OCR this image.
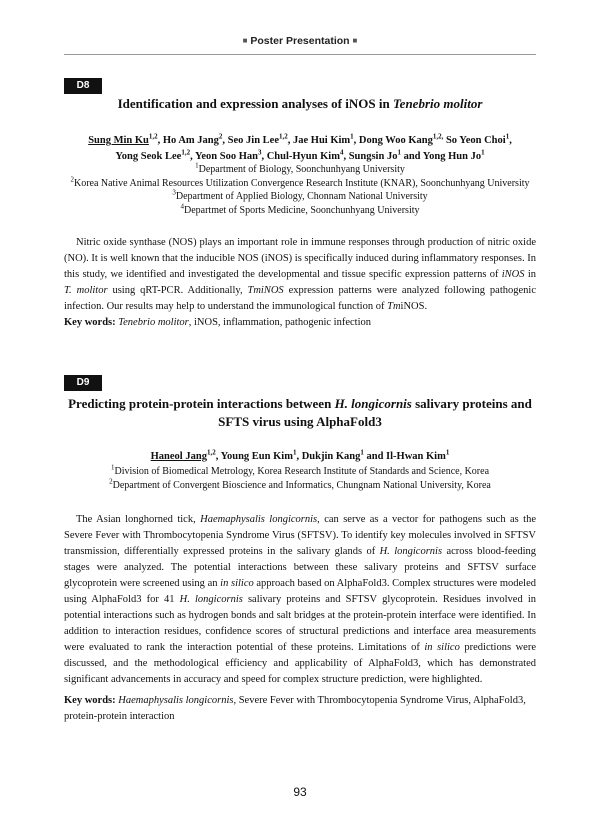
■ Poster Presentation ■
D8
Identification and expression analyses of iNOS in Tenebrio molitor
Sung Min Ku$^{1,2}$, Ho Am Jang$^2$, Seo Jin Lee$^{1,2}$, Jae Hui Kim$^1$, Dong Woo Kang$^{1,2,}$ So Yeon Choi$^1$,
Yong Seok Lee$^{1,2}$, Yeon Soo Han$^3$, Chul-Hyun Kim$^4$, Sungsin Jo$^1$ and Yong Hun Jo$^1$
$^1$Department of Biology, Soonchunhyang University
$^2$Korea Native Animal Resources Utilization Convergence Research Institute (KNAR), Soonchunhyang University
$^3$Department of Applied Biology, Chonnam National University
$^4$Departmet of Sports Medicine, Soonchunhyang University

Nitric oxide synthase (NOS) plays an important role in immune responses through production of nitric oxide (NO). It is well known that the inducible NOS (iNOS) is specifically induced during inflammatory responses. In this study, we identified and investigated the developmental and tissue specific expression patterns of iNOS in T. molitor using qRT-PCR. Additionally, TmiNOS expression patterns were analyzed following pathogenic infection. Our results may help to understand the immunological function of TmiNOS.

Key words: Tenebrio molitor, iNOS, inflammation, pathogenic infection
D9
Predicting protein-protein interactions between H. longicornis salivary proteins and
SFTS virus using AlphaFold3
Haneol Jang$^{1,2}$, Young Eun Kim$^1$, Dukjin Kang$^1$ and Il-Hwan Kim$^1$
$^1$Division of Biomedical Metrology, Korea Research Institute of Standards and Science, Korea
$^2$Department of Convergent Bioscience and Informatics, Chungnam National University, Korea

The Asian longhorned tick, Haemaphysalis longicornis, can serve as a vector for pathogens such as the Severe Fever with Thrombocytopenia Syndrome Virus (SFTSV). To identify key molecules involved in SFTSV transmission, differentially expressed proteins in the salivary glands of H. longicornis across blood-feeding stages were analyzed. The potential interactions between these salivary proteins and SFTSV surface glycoprotein were screened using an in silico approach based on AlphaFold3. Complex structures were modeled using AlphaFold3 for 41 H. longicornis salivary proteins and SFTSV glycoprotein. Residues involved in potential interactions such as hydrogen bonds and salt bridges at the protein-protein interface were identified. In addition to interaction residues, confidence scores of structural predictions and interface area measurements were evaluated to rank the interaction potential of these proteins. Limitations of in silico predictions were discussed, and the methodological efficiency and applicability of AlphaFold3, which has demonstrated significant advancements in accuracy and speed for complex structure prediction, were highlighted.

Key words: Haemaphysalis longicornis, Severe Fever with Thrombocytopenia Syndrome Virus, AlphaFold3, protein-protein interaction
93
